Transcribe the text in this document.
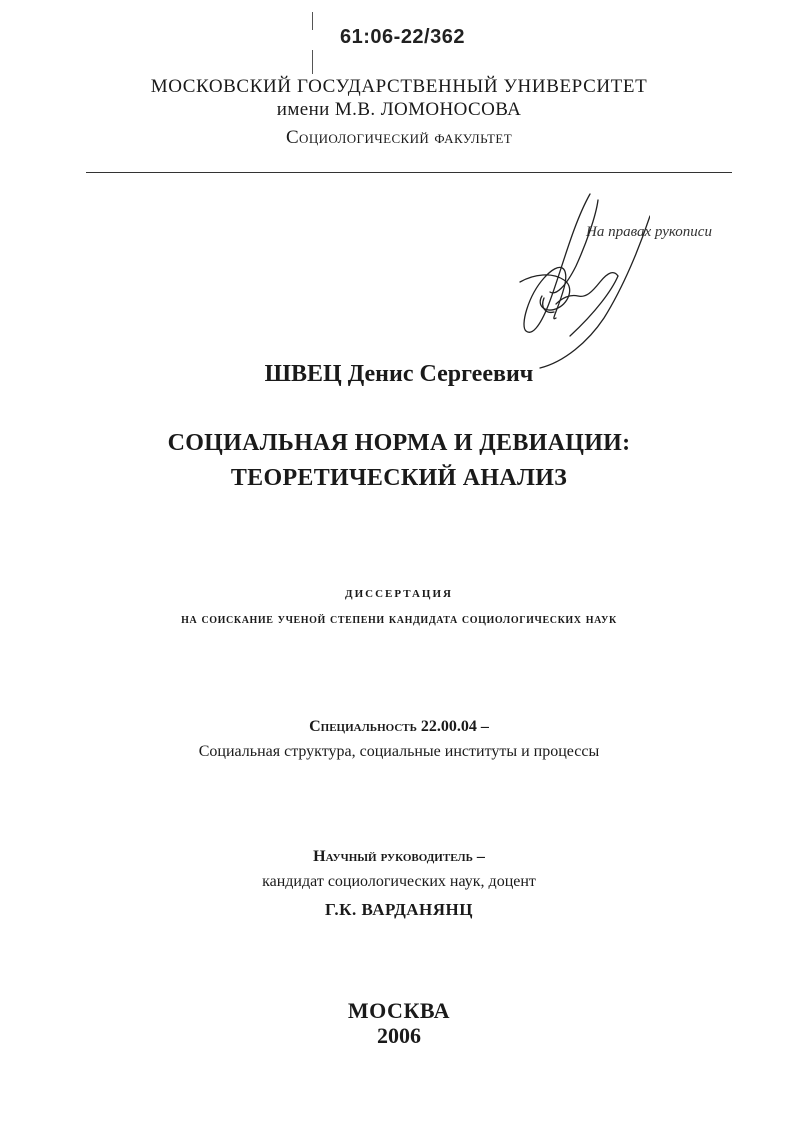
61:06-22/362
МОСКОВСКИЙ ГОСУДАРСТВЕННЫЙ УНИВЕРСИТЕТ
имени М.В. ЛОМОНОСОВА
Социологический факультет
На правах рукописи
ШВЕЦ Денис Сергеевич
СОЦИАЛЬНАЯ НОРМА И ДЕВИАЦИИ:
ТЕОРЕТИЧЕСКИЙ АНАЛИЗ
диссертация
на соискание ученой степени кандидата социологических наук
Специальность 22.00.04 –
Социальная структура, социальные институты и процессы
Научный руководитель –
кандидат социологических наук, доцент
Г.К. ВАРДАНЯНЦ
МОСКВА
2006
